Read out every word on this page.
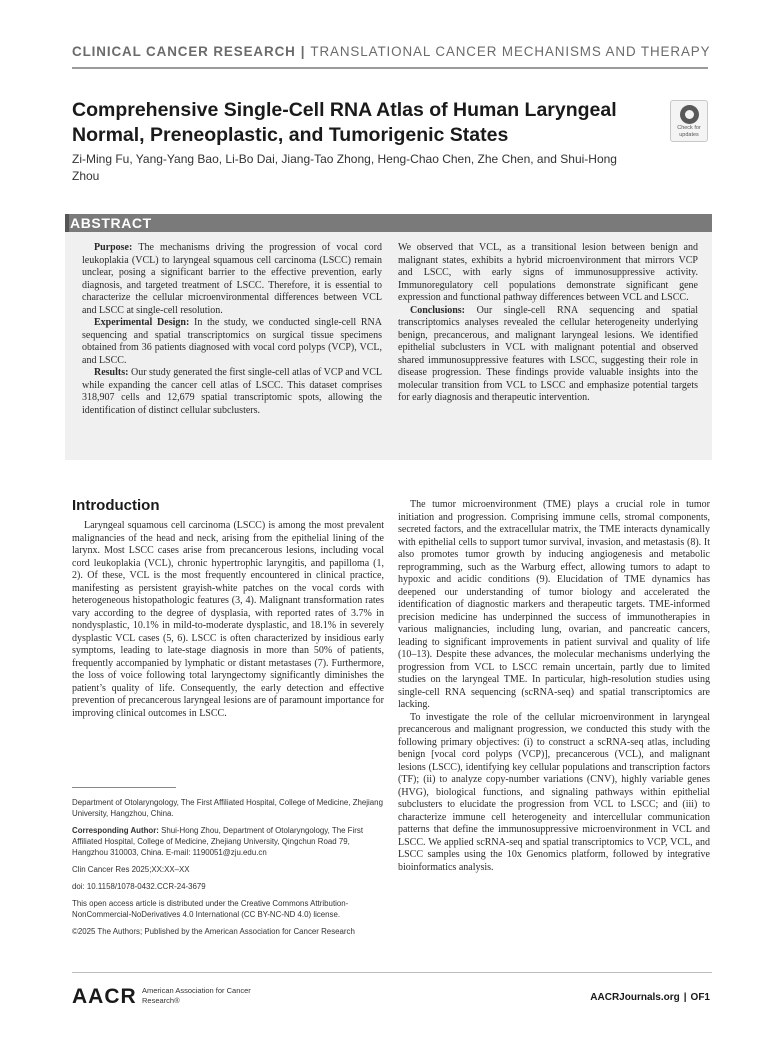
CLINICAL CANCER RESEARCH | TRANSLATIONAL CANCER MECHANISMS AND THERAPY
Comprehensive Single-Cell RNA Atlas of Human Laryngeal Normal, Preneoplastic, and Tumorigenic States	Check for updates
Zi-Ming Fu, Yang-Yang Bao, Li-Bo Dai, Jiang-Tao Zhong, Heng-Chao Chen, Zhe Chen, and Shui-Hong Zhou
ABSTRACT

Purpose: The mechanisms driving the progression of vocal cord leukoplakia (VCL) to laryngeal squamous cell carcinoma (LSCC) remain unclear, posing a significant barrier to the effective prevention, early diagnosis, and targeted treatment of LSCC. Therefore, it is essential to characterize the cellular microenvironmental differences between VCL and LSCC at single-cell resolution.

Experimental Design: In the study, we conducted single-cell RNA sequencing and spatial transcriptomics on surgical tissue specimens obtained from 36 patients diagnosed with vocal cord polyps (VCP), VCL, and LSCC.

Results: Our study generated the first single-cell atlas of VCP and VCL while expanding the cancer cell atlas of LSCC. This dataset comprises 318,907 cells and 12,679 spatial transcriptomic spots, allowing the identification of distinct cellular subclusters.

We observed that VCL, as a transitional lesion between benign and malignant states, exhibits a hybrid microenvironment that mirrors VCP and LSCC, with early signs of immunosuppressive activity. Immunoregulatory cell populations demonstrate significant gene expression and functional pathway differences between VCL and LSCC.

Conclusions: Our single-cell RNA sequencing and spatial transcriptomics analyses revealed the cellular heterogeneity underlying benign, precancerous, and malignant laryngeal lesions. We identified epithelial subclusters in VCL with malignant potential and observed shared immunosuppressive features with LSCC, suggesting their role in disease progression. These findings provide valuable insights into the molecular transition from VCL to LSCC and emphasize potential targets for early diagnosis and therapeutic intervention.

Introduction

Laryngeal squamous cell carcinoma (LSCC) is among the most prevalent malignancies of the head and neck, arising from the epithelial lining of the larynx. Most LSCC cases arise from precancerous lesions, including vocal cord leukoplakia (VCL), chronic hypertrophic laryngitis, and papilloma (1, 2). Of these, VCL is the most frequently encountered in clinical practice, manifesting as persistent grayish-white patches on the vocal cords with heterogeneous histopathologic features (3, 4). Malignant transformation rates vary according to the degree of dysplasia, with reported rates of 3.7% in nondysplastic, 10.1% in mild-to-moderate dysplastic, and 18.1% in severely dysplastic VCL cases (5, 6). LSCC is often characterized by insidious early symptoms, leading to late-stage diagnosis in more than 50% of patients, frequently accompanied by lymphatic or distant metastases (7). Furthermore, the loss of voice following total laryngectomy significantly diminishes the patient’s quality of life. Consequently, the early detection and effective prevention of precancerous laryngeal lesions are of paramount importance for improving clinical outcomes in LSCC.

The tumor microenvironment (TME) plays a crucial role in tumor initiation and progression. Comprising immune cells, stromal components, secreted factors, and the extracellular matrix, the TME interacts dynamically with epithelial cells to support tumor survival, invasion, and metastasis (8). It also promotes tumor growth by inducing angiogenesis and metabolic reprogramming, such as the Warburg effect, allowing tumors to adapt to hypoxic and acidic conditions (9). Elucidation of TME dynamics has deepened our understanding of tumor biology and accelerated the identification of diagnostic markers and therapeutic targets. TME-informed precision medicine has underpinned the success of immunotherapies in various malignancies, including lung, ovarian, and pancreatic cancers, leading to significant improvements in patient survival and quality of life (10–13). Despite these advances, the molecular mechanisms underlying the progression from VCL to LSCC remain uncertain, partly due to limited studies on the laryngeal TME. In particular, high-resolution studies using single-cell RNA sequencing (scRNA-seq) and spatial transcriptomics are lacking.

To investigate the role of the cellular microenvironment in laryngeal precancerous and malignant progression, we conducted this study with the following primary objectives: (i) to construct a scRNA-seq atlas, including benign [vocal cord polyps (VCP)], precancerous (VCL), and malignant lesions (LSCC), identifying key cellular populations and transcription factors (TF); (ii) to analyze copy-number variations (CNV), highly variable genes (HVG), biological functions, and signaling pathways within epithelial subclusters to elucidate the progression from VCL to LSCC; and (iii) to characterize immune cell heterogeneity and intercellular communication patterns that define the immunosuppressive microenvironment in VCL and LSCC. We applied scRNA-seq and spatial transcriptomics to VCP, VCL, and LSCC samples using the 10x Genomics platform, followed by integrative bioinformatics analysis.

Department of Otolaryngology, The First Affiliated Hospital, College of Medicine, Zhejiang University, Hangzhou, China.

Corresponding Author: Shui-Hong Zhou, Department of Otolaryngology, The First Affiliated Hospital, College of Medicine, Zhejiang University, Qingchun Road 79, Hangzhou 310003, China. E-mail: 1190051@zju.edu.cn

Clin Cancer Res 2025;XX:XX–XX

doi: 10.1158/1078-0432.CCR-24-3679

This open access article is distributed under the Creative Commons Attribution-NonCommercial-NoDerivatives 4.0 International (CC BY-NC-ND 4.0) license.

©2025 The Authors; Published by the American Association for Cancer Research

AACR American Association for Cancer Research®	AACRJournals.org | OF1
